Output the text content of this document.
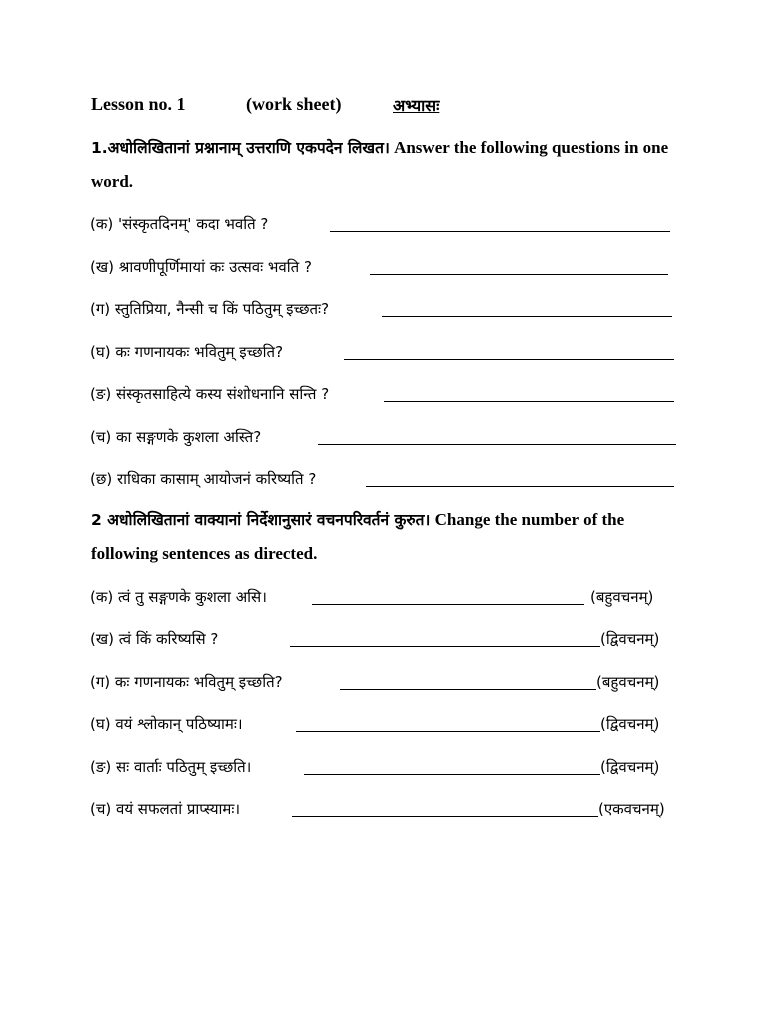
Lesson no. 1	(work sheet)	अभ्यासः
1.अधोलिखितानां प्रश्नानाम् उत्तराणि एकपदेन लिखत। Answer the following questions in one word.
(क) 'संस्कृतदिनम्' कदा भवति ?
(ख) श्रावणीपूर्णिमायां कः उत्सवः भवति ?
(ग) स्तुतिप्रिया, नैन्सी च किं पठितुम् इच्छतः?
(घ) कः गणनायकः भवितुम् इच्छति?
(ङ) संस्कृतसाहित्ये कस्य संशोधनानि सन्ति ?
(च) का सङ्गणके कुशला अस्ति?
(छ) राधिका कासाम् आयोजनं करिष्यति ?
2 अधोलिखितानां वाक्यानां निर्देशानुसारं वचनपरिवर्तनं कुरुत। Change the number of the following sentences as directed.
(क) त्वं तु सङ्गणके कुशला असि।	(बहुवचनम्)
(ख) त्वं किं करिष्यसि ?	(द्विवचनम्)
(ग) कः गणनायकः भवितुम् इच्छति?	(बहुवचनम्)
(घ) वयं श्लोकान् पठिष्यामः।	(द्विवचनम्)
(ङ) सः वार्ताः पठितुम् इच्छति।	(द्विवचनम्)
(च) वयं सफलतां प्राप्स्यामः।	(एकवचनम्)
